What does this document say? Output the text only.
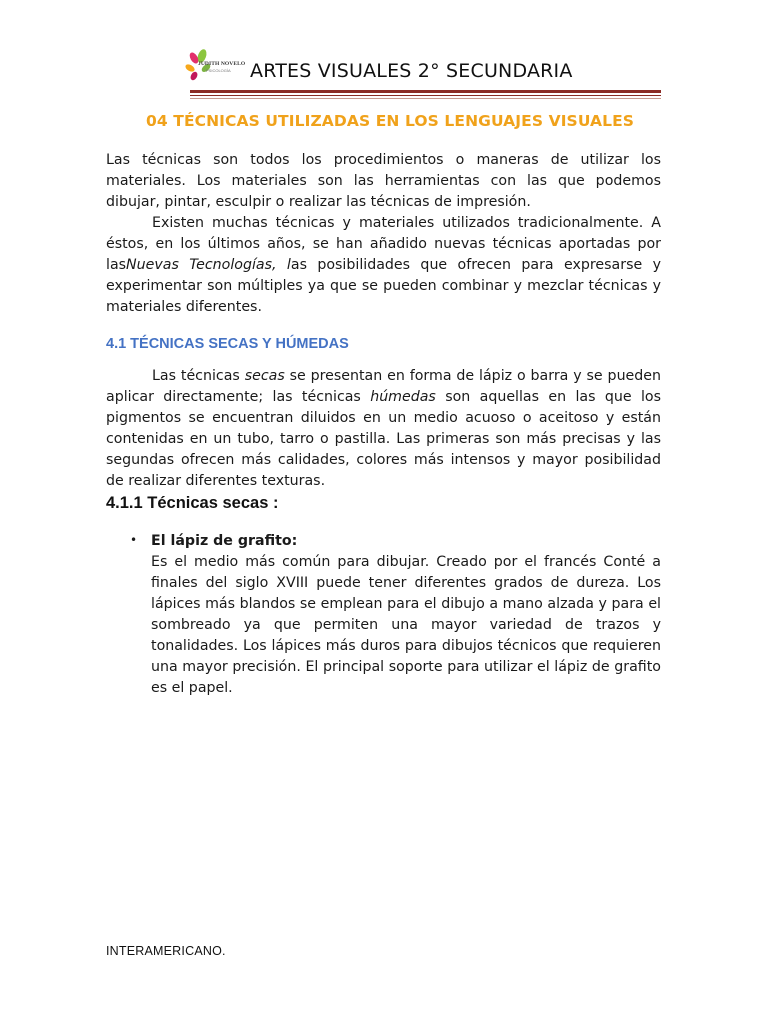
JUDITH NOVELO
PSICOLOGÍA ARTES VISUALES 2° SECUNDARIA
04 TÉCNICAS UTILIZADAS EN LOS LENGUAJES VISUALES

Las técnicas son todos los procedimientos o maneras de utilizar los materiales. Los materiales son las herramientas con las que podemos dibujar, pintar, esculpir o realizar las técnicas de impresión.

Existen muchas técnicas y materiales utilizados tradicionalmente. A éstos, en los últimos años, se han añadido nuevas técnicas aportadas por lasNuevas Tecnologías, las posibilidades que ofrecen para expresarse y experimentar son múltiples ya que se pueden combinar y mezclar técnicas y materiales diferentes.

4.1 TÉCNICAS SECAS Y HÚMEDAS

Las técnicas secas se presentan en forma de lápiz o barra y se pueden aplicar directamente; las técnicas húmedas son aquellas en las que los pigmentos se encuentran diluidos en un medio acuoso o aceitoso y están contenidas en un tubo, tarro o pastilla. Las primeras son más precisas y las segundas ofrecen más calidades, colores más intensos y mayor posibilidad de realizar diferentes texturas.

4.1.1 Técnicas secas :
• El lápiz de grafito:

Es el medio más común para dibujar. Creado por el francés Conté a finales del siglo XVIII puede tener diferentes grados de dureza. Los lápices más blandos se emplean para el dibujo a mano alzada y para el sombreado ya que permiten una mayor variedad de trazos y tonalidades. Los lápices más duros para dibujos técnicos que requieren una mayor precisión. El principal soporte para utilizar el lápiz de grafito es el papel.

INTERAMERICANO.
